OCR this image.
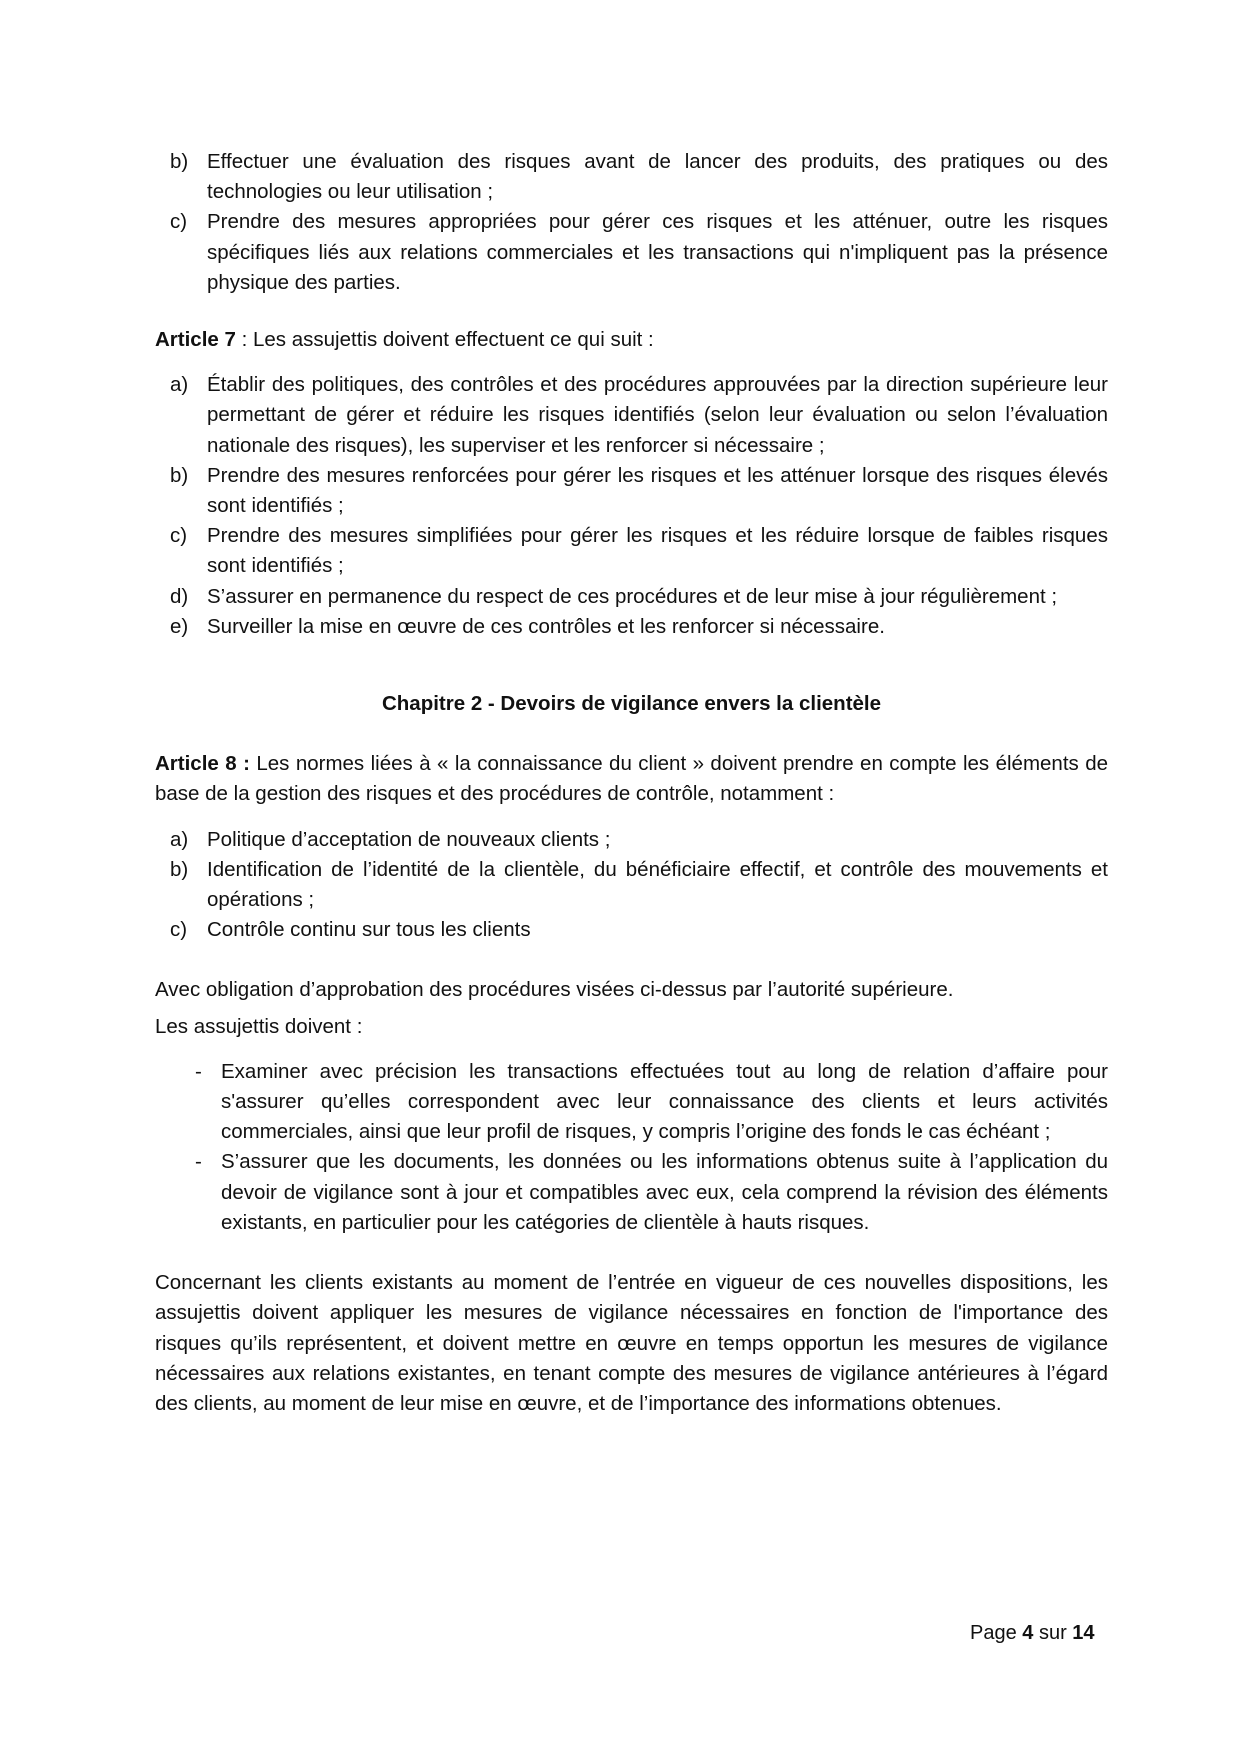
b) Effectuer une évaluation des risques avant de lancer des produits, des pratiques ou des technologies ou leur utilisation ;
c) Prendre des mesures appropriées pour gérer ces risques et les atténuer, outre les risques spécifiques liés aux relations commerciales et les transactions qui n'impliquent pas la présence physique des parties.

Article 7 : Les assujettis doivent effectuent ce qui suit :

a) Établir des politiques, des contrôles et des procédures approuvées par la direction supérieure leur permettant de gérer et réduire les risques identifiés (selon leur évaluation ou selon l’évaluation nationale des risques), les superviser et les renforcer si nécessaire ;
b) Prendre des mesures renforcées pour gérer les risques et les atténuer lorsque des risques élevés sont identifiés ;
c) Prendre des mesures simplifiées pour gérer les risques et les réduire lorsque de faibles risques sont identifiés ;
d) S’assurer en permanence du respect de ces procédures et de leur mise à jour régulièrement ;
e) Surveiller la mise en œuvre de ces contrôles et les renforcer si nécessaire.

Chapitre 2 - Devoirs de vigilance envers la clientèle

Article 8 : Les normes liées à « la connaissance du client » doivent prendre en compte les éléments de base de la gestion des risques et des procédures de contrôle, notamment :

a) Politique d’acceptation de nouveaux clients ;
b) Identification de l’identité de la clientèle, du bénéficiaire effectif, et contrôle des mouvements et opérations ;
c) Contrôle continu sur tous les clients

Avec obligation d’approbation des procédures visées ci-dessus par l’autorité supérieure.

Les assujettis doivent :

- Examiner avec précision les transactions effectuées tout au long de relation d’affaire pour s'assurer qu’elles correspondent avec leur connaissance des clients et leurs activités commerciales, ainsi que leur profil de risques, y compris l’origine des fonds le cas échéant ;
- S’assurer que les documents, les données ou les informations obtenus suite à l’application du devoir de vigilance sont à jour et compatibles avec eux, cela comprend la révision des éléments existants, en particulier pour les catégories de clientèle à hauts risques.

Concernant les clients existants au moment de l’entrée en vigueur de ces nouvelles dispositions, les assujettis doivent appliquer les mesures de vigilance nécessaires en fonction de l'importance des risques qu’ils représentent, et doivent mettre en œuvre en temps opportun les mesures de vigilance nécessaires aux relations existantes, en tenant compte des mesures de vigilance antérieures à l’égard des clients, au moment de leur mise en œuvre, et de l’importance des informations obtenues.

Page 4 sur 14
